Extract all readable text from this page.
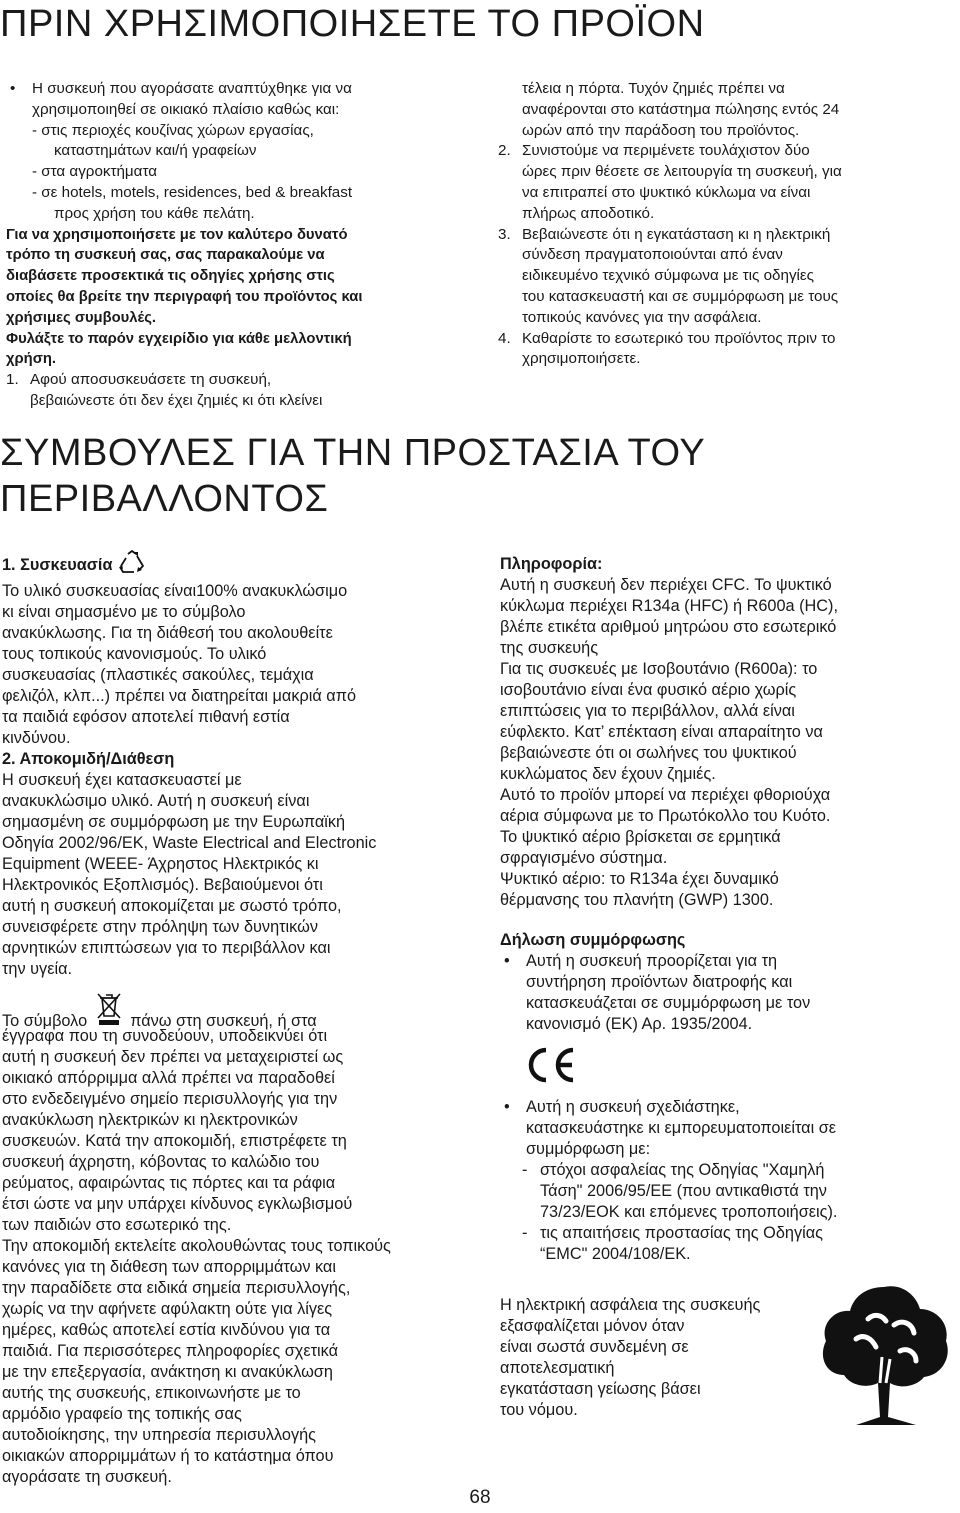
ΠΡΙΝ ΧΡΗΣΙΜΟΠΟΙΗΣΕΤΕ ΤΟ ΠΡΟΪΟΝ
•	Η συσκευή που αγοράσατε αναπτύχθηκε για να

χρησιμοποιηθεί σε οικιακό πλαίσιο καθώς και:

- στις περιοχές κουζίνας χώρων εργασίας,

καταστημάτων και/ή γραφείων

- στα αγροκτήματα

- σε hotels, motels, residences, bed & breakfast

προς χρήση του κάθε πελάτη.

Για να χρησιμοποιήσετε με τον καλύτερο δυνατό

τρόπο τη συσκευή σας, σας παρακαλούμε να

διαβάσετε προσεκτικά τις οδηγίες χρήσης στις

οποίες θα βρείτε την περιγραφή του προϊόντος και

χρήσιμες συμβουλές.

Φυλάξτε το παρόν εγχειρίδιο για κάθε μελλοντική

χρήση.

1. Αφού αποσυσκευάσετε τη συσκευή,

βεβαιώνεστε ότι δεν έχει ζημιές κι ότι κλείνει

τέλεια η πόρτα. Τυχόν ζημιές πρέπει να

αναφέρονται στο κατάστημα πώλησης εντός 24

ωρών από την παράδοση του προϊόντος.

2. Συνιστούμε να περιμένετε τουλάχιστον δύο

ώρες πριν θέσετε σε λειτουργία τη συσκευή, για

να επιτραπεί στο ψυκτικό κύκλωμα να είναι

πλήρως αποδοτικό.

3. Βεβαιώνεστε ότι η εγκατάσταση κι η ηλεκτρική

σύνδεση πραγματοποιούνται από έναν

ειδικευμένο τεχνικό σύμφωνα με τις οδηγίες

του κατασκευαστή και σε συμμόρφωση με τους

τοπικούς κανόνες για την ασφάλεια.

4. Καθαρίστε το εσωτερικό του προϊόντος πριν το

χρησιμοποιήσετε.

ΣΥΜΒΟΥΛΕΣ ΓΙΑ ΤΗΝ ΠΡΟΣΤΑΣΙΑ ΤΟΥ
ΠΕΡΙΒΑΛΛΟΝΤΟΣ

1. Συσκευασία

Το υλικό συσκευασίας είναι100% ανακυκλώσιμο

κι είναι σημασμένο με το σύμβολο

ανακύκλωσης. Για τη διάθεσή του ακολουθείτε

τους τοπικούς κανονισμούς. Το υλικό

συσκευασίας (πλαστικές σακούλες, τεμάχια

φελιζόλ, κλπ...) πρέπει να διατηρείται μακριά από

τα παιδιά εφόσον αποτελεί πιθανή εστία

κινδύνου.

2. Αποκομιδή/Διάθεση

Η συσκευή έχει κατασκευαστεί με

ανακυκλώσιμο υλικό. Αυτή η συσκευή είναι

σημασμένη σε συμμόρφωση με την Ευρωπαϊκή

Οδηγία 2002/96/ΕΚ, Waste Electrical and Electronic

Equipment (WEEE- Άχρηστος Ηλεκτρικός κι

Ηλεκτρονικός Εξοπλισμός). Βεβαιούμενοι ότι

αυτή η συσκευή αποκομίζεται με σωστό τρόπο,

συνεισφέρετε στην πρόληψη των δυνητικών

αρνητικών επιπτώσεων για το περιβάλλον και

την υγεία.

Το σύμβολο	πάνω στη συσκευή, ή στα

έγγραφα που τη συνοδεύουν, υποδεικνύει ότι

αυτή η συσκευή δεν πρέπει να μεταχειριστεί ως

οικιακό απόρριμμα αλλά πρέπει να παραδοθεί

στο ενδεδειγμένο σημείο περισυλλογής για την

ανακύκλωση ηλεκτρικών κι ηλεκτρονικών

συσκευών. Κατά την αποκομιδή, επιστρέφετε τη

συσκευή άχρηστη, κόβοντας το καλώδιο του

ρεύματος, αφαιρώντας τις πόρτες και τα ράφια

έτσι ώστε να μην υπάρχει κίνδυνος εγκλωβισμού

των παιδιών στο εσωτερικό της.

Την αποκομιδή εκτελείτε ακολουθώντας τους τοπικούς

κανόνες για τη διάθεση των απορριμμάτων και

την παραδίδετε στα ειδικά σημεία περισυλλογής,

χωρίς να την αφήνετε αφύλακτη ούτε για λίγες

ημέρες, καθώς αποτελεί εστία κινδύνου για τα

παιδιά. Για περισσότερες πληροφορίες σχετικά

με την επεξεργασία, ανάκτηση κι ανακύκλωση

αυτής της συσκευής, επικοινωνήστε με το

αρμόδιο γραφείο της τοπικής σας

αυτοδιοίκησης, την υπηρεσία περισυλλογής

οικιακών απορριμμάτων ή το κατάστημα όπου

αγοράσατε τη συσκευή.

Πληροφορία:

Αυτή η συσκευή δεν περιέχει CFC. Το ψυκτικό

κύκλωμα περιέχει R134a (HFC) ή R600a (HC),

βλέπε ετικέτα αριθμού μητρώου στο εσωτερικό

της συσκευής

Για τις συσκευές με Ισοβουτάνιο (R600a): το

ισοβουτάνιο είναι ένα φυσικό αέριο χωρίς

επιπτώσεις για το περιβάλλον, αλλά είναι

εύφλεκτο. Κατ’ επέκταση είναι απαραίτητο να

βεβαιώνεστε ότι οι σωλήνες του ψυκτικού

κυκλώματος δεν έχουν ζημιές.

Αυτό το προϊόν μπορεί να περιέχει φθοριούχα

αέρια σύμφωνα με το Πρωτόκολλο του Κυότο.

Το ψυκτικό αέριο βρίσκεται σε ερμητικά

σφραγισμένο σύστημα.

Ψυκτικό αέριο: το R134a έχει δυναμικό

θέρμανσης του πλανήτη (GWP) 1300.

Δήλωση συμμόρφωσης

• Αυτή η συσκευή προορίζεται για τη

συντήρηση προϊόντων διατροφής και

κατασκευάζεται σε συμμόρφωση με τον

κανονισμό (ΕΚ) Αρ. 1935/2004.

• Αυτή η συσκευή σχεδιάστηκε,

κατασκευάστηκε κι εμπορευματοποιείται σε

συμμόρφωση με:

- στόχοι ασφαλείας της Οδηγίας "Χαμηλή

Τάση" 2006/95/ΕΕ (που αντικαθιστά την

73/23/ΕΟΚ και επόμενες τροποποιήσεις).

- τις απαιτήσεις προστασίας της Οδηγίας

“EMC" 2004/108/ΕΚ.

Η ηλεκτρική ασφάλεια της συσκευής

εξασφαλίζεται μόνον όταν

είναι σωστά συνδεμένη σε

αποτελεσματική

εγκατάσταση γείωσης βάσει

του νόμου.

68
